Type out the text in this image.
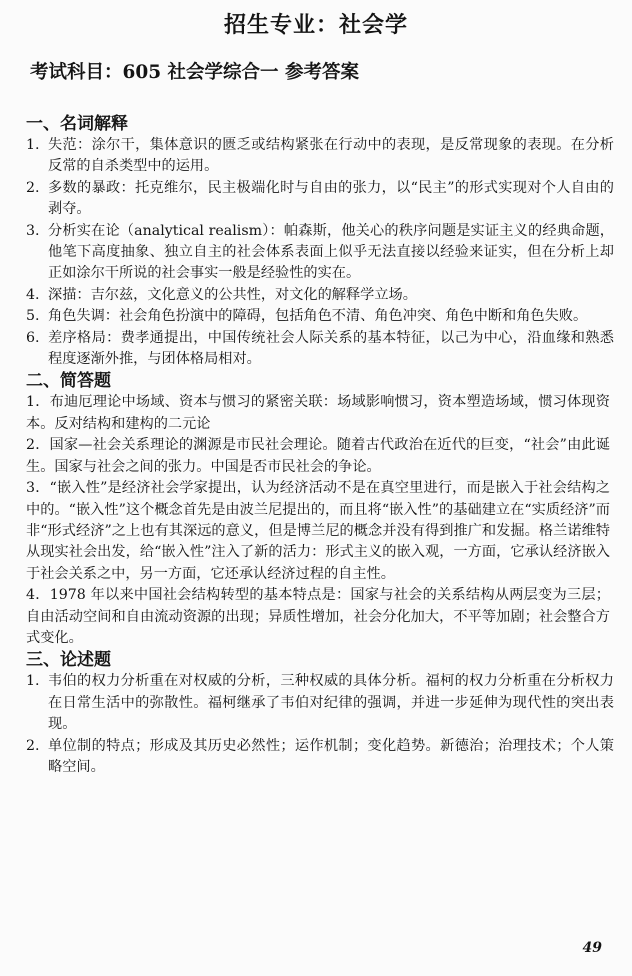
招生专业：社会学
考试科目：605 社会学综合一 参考答案
一、名词解释
1. 失范：涂尔干，集体意识的匮乏或结构紧张在行动中的表现，是反常现象的表现。在分析反常的自杀类型中的运用。
2. 多数的暴政：托克维尔，民主极端化时与自由的张力，以“民主”的形式实现对个人自由的剥夺。
3. 分析实在论（analytical realism）：帕森斯，他关心的秩序问题是实证主义的经典命题，他笔下高度抽象、独立自主的社会体系表面上似乎无法直接以经验来证实，但在分析上却正如涂尔干所说的社会事实一般是经验性的实在。
4. 深描：吉尔兹，文化意义的公共性，对文化的解释学立场。
5. 角色失调：社会角色扮演中的障碍，包括角色不清、角色冲突、角色中断和角色失败。
6. 差序格局：费孝通提出，中国传统社会人际关系的基本特征，以己为中心，沿血缘和熟悉程度逐渐外推，与团体格局相对。
二、简答题
1．布迪厄理论中场域、资本与惯习的紧密关联：场域影响惯习，资本塑造场域，惯习体现资本。反对结构和建构的二元论
2．国家—社会关系理论的渊源是市民社会理论。随着古代政治在近代的巨变，“社会”由此诞生。国家与社会之间的张力。中国是否市民社会的争论。
3．“嵌入性”是经济社会学家提出，认为经济活动不是在真空里进行，而是嵌入于社会结构之中的。“嵌入性”这个概念首先是由波兰尼提出的，而且将“嵌入性”的基础建立在“实质经济”而非“形式经济”之上也有其深远的意义，但是博兰尼的概念并没有得到推广和发掘。格兰诺维特从现实社会出发，给“嵌入性”注入了新的活力：形式主义的嵌入观，一方面，它承认经济嵌入于社会关系之中，另一方面，它还承认经济过程的自主性。
4．1978 年以来中国社会结构转型的基本特点是：国家与社会的关系结构从两层变为三层；自由活动空间和自由流动资源的出现；异质性增加，社会分化加大，不平等加剧；社会整合方式变化。
三、论述题
1. 韦伯的权力分析重在对权威的分析，三种权威的具体分析。福柯的权力分析重在分析权力在日常生活中的弥散性。福柯继承了韦伯对纪律的强调，并进一步延伸为现代性的突出表现。
2. 单位制的特点；形成及其历史必然性；运作机制；变化趋势。新德治；治理技术；个人策略空间。
49
